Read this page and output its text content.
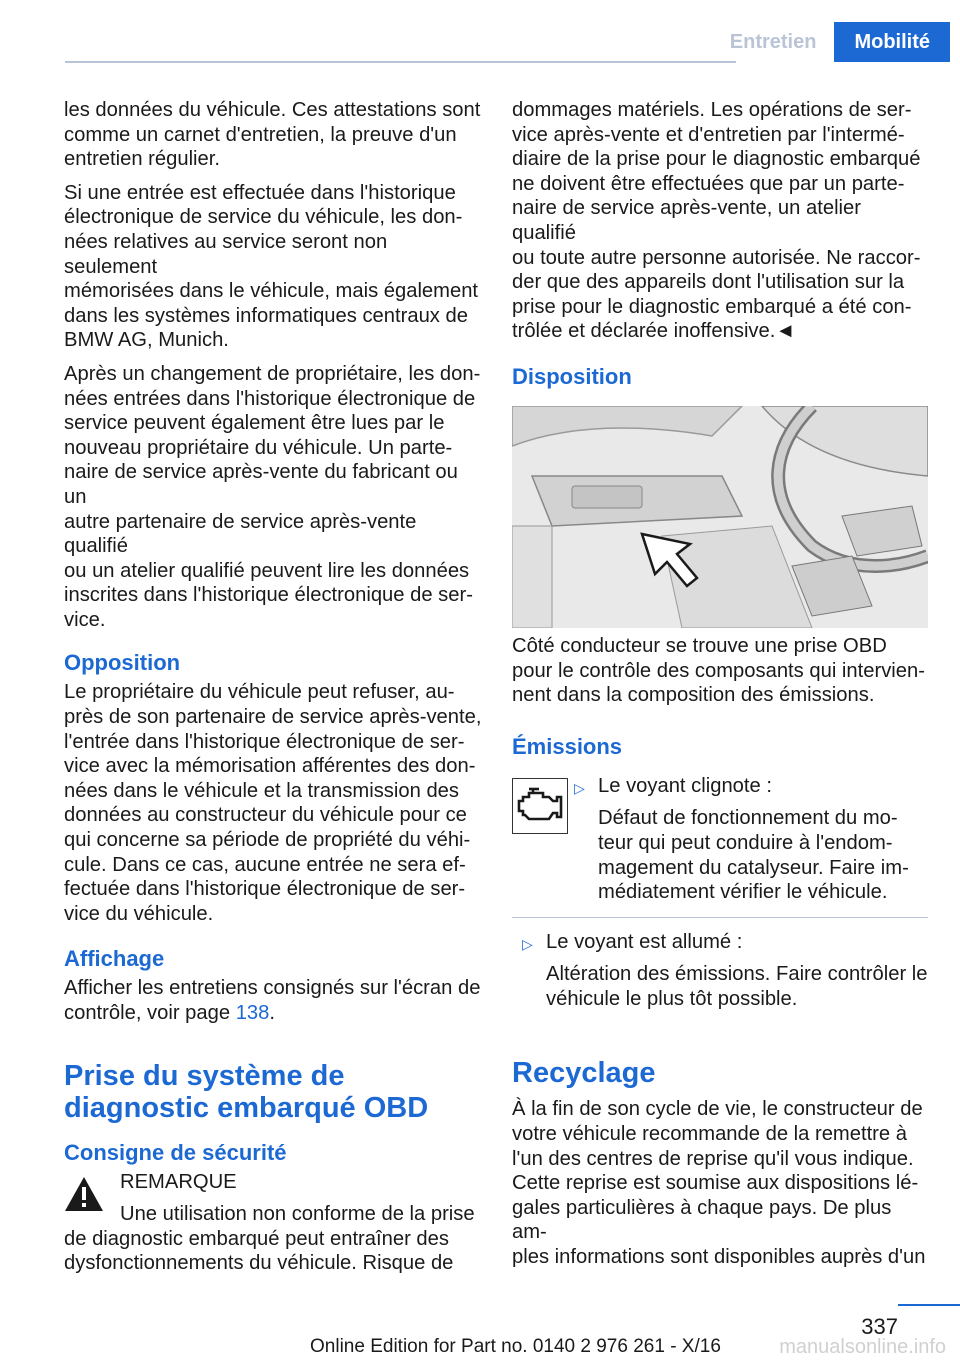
Entretien	Mobilité

les données du véhicule. Ces attestations sont
comme un carnet d'entretien, la preuve d'un
entretien régulier.

Si une entrée est effectuée dans l'historique
électronique de service du véhicule, les don-
nées relatives au service seront non seulement
mémorisées dans le véhicule, mais également
dans les systèmes informatiques centraux de
BMW AG, Munich.

Après un changement de propriétaire, les don-
nées entrées dans l'historique électronique de
service peuvent également être lues par le
nouveau propriétaire du véhicule. Un parte-
naire de service après-vente du fabricant ou un
autre partenaire de service après-vente qualifié
ou un atelier qualifié peuvent lire les données
inscrites dans l'historique électronique de ser-
vice.

Opposition

Le propriétaire du véhicule peut refuser, au-
près de son partenaire de service après-vente,
l'entrée dans l'historique électronique de ser-
vice avec la mémorisation afférentes des don-
nées dans le véhicule et la transmission des
données au constructeur du véhicule pour ce
qui concerne sa période de propriété du véhi-
cule. Dans ce cas, aucune entrée ne sera ef-
fectuée dans l'historique électronique de ser-
vice du véhicule.

Affichage

Afficher les entretiens consignés sur l'écran de
contrôle, voir page 138.

Prise du système de
diagnostic embarqué OBD
Consigne de sécurité
REMARQUE
Une utilisation non conforme de la prise

de diagnostic embarqué peut entraîner des
dysfonctionnements du véhicule. Risque de

dommages matériels. Les opérations de ser-
vice après-vente et d'entretien par l'intermé-
diaire de la prise pour le diagnostic embarqué
ne doivent être effectuées que par un parte-
naire de service après-vente, un atelier qualifié
ou toute autre personne autorisée. Ne raccor-
der que des appareils dont l'utilisation sur la
prise pour le diagnostic embarqué a été con-
trôlée et déclarée inoffensive.◄

Disposition

Côté conducteur se trouve une prise OBD
pour le contrôle des composants qui intervien-
nent dans la composition des émissions.

Émissions
▷ Le voyant clignote :
Défaut de fonctionnement du mo-
teur qui peut conduire à l'endom-
magement du catalyseur. Faire im-
médiatement vérifier le véhicule.
▷ Le voyant est allumé :
Altération des émissions. Faire contrôler le
véhicule le plus tôt possible.
Recyclage

À la fin de son cycle de vie, le constructeur de
votre véhicule recommande de la remettre à
l'un des centres de reprise qu'il vous indique.
Cette reprise est soumise aux dispositions lé-
gales particulières à chaque pays. De plus am-
ples informations sont disponibles auprès d'un

337
Online Edition for Part no. 0140 2 976 261 - X/16	manualsonline.info
